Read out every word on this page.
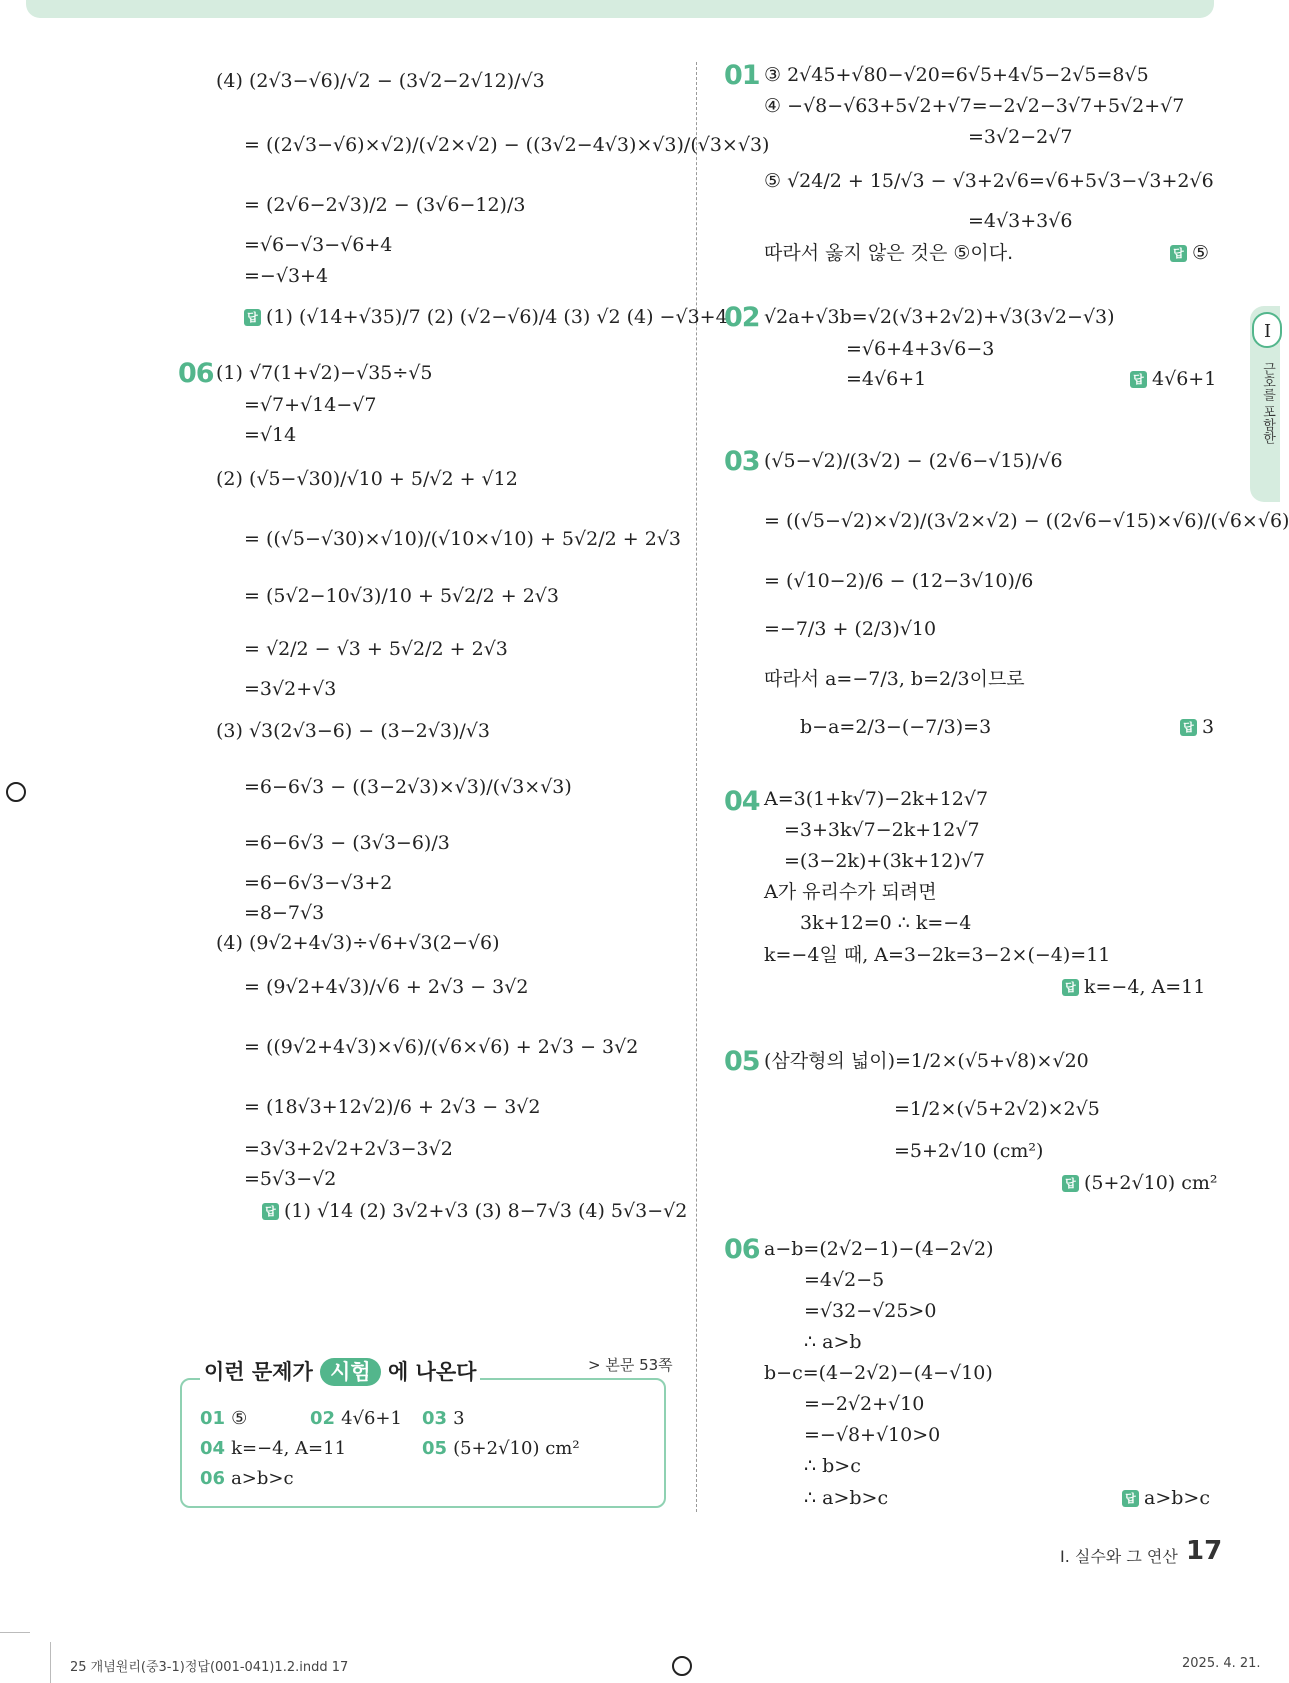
I
근호를 포함한
(4) (2√3−√6)/√2 − (3√2−2√12)/√3
= ((2√3−√6)×√2)/(√2×√2) − ((3√2−4√3)×√3)/(√3×√3)
= (2√6−2√3)/2 − (3√6−12)/3
=√6−√3−√6+4
=−√3+4
답 (1) (√14+√35)/7 (2) (√2−√6)/4 (3) √2 (4) −√3+4
06 (1) √7(1+√2)−√35÷√5
=√7+√14−√7
=√14
(2) (√5−√30)/√10 + 5/√2 + √12
= ((√5−√30)×√10)/(√10×√10) + 5√2/2 + 2√3
= (5√2−10√3)/10 + 5√2/2 + 2√3
= √2/2 − √3 + 5√2/2 + 2√3
=3√2+√3
(3) √3(2√3−6) − (3−2√3)/√3
=6−6√3 − ((3−2√3)×√3)/(√3×√3)
=6−6√3 − (3√3−6)/3
=6−6√3−√3+2
=8−7√3
(4) (9√2+4√3)÷√6+√3(2−√6)
= (9√2+4√3)/√6 + 2√3 − 3√2
= ((9√2+4√3)×√6)/(√6×√6) + 2√3 − 3√2
= (18√3+12√2)/6 + 2√3 − 3√2
=3√3+2√2+2√3−3√2
=5√3−√2
답 (1) √14 (2) 3√2+√3 (3) 8−7√3 (4) 5√3−√2
이런 문제가 시험 에 나온다	> 본문 53쪽
01 ⑤	02 4√6+1 03 3
04 k=−4, A=11	05 (5+2√10) cm²
06 a>b>c
01 ③ 2√45+√80−√20=6√5+4√5−2√5=8√5
④ −√8−√63+5√2+√7=−2√2−3√7+5√2+√7
=3√2−2√7
⑤ √24/2 + 15/√3 − √3+2√6=√6+5√3−√3+2√6
=4√3+3√6
따라서 옳지 않은 것은 ⑤이다.	답 ⑤
02 √2a+√3b=√2(√3+2√2)+√3(3√2−√3)
=√6+4+3√6−3
=4√6+1	답 4√6+1
03 (√5−√2)/(3√2) − (2√6−√15)/√6
= ((√5−√2)×√2)/(3√2×√2) − ((2√6−√15)×√6)/(√6×√6)
= (√10−2)/6 − (12−3√10)/6
=−7/3 + (2/3)√10
따라서 a=−7/3, b=2/3이므로
b−a=2/3−(−7/3)=3	답 3
04 A=3(1+k√7)−2k+12√7
=3+3k√7−2k+12√7
=(3−2k)+(3k+12)√7
A가 유리수가 되려면
3k+12=0 ∴ k=−4
k=−4일 때, A=3−2k=3−2×(−4)=11
답 k=−4, A=11
05 (삼각형의 넓이)=1/2×(√5+√8)×√20
=1/2×(√5+2√2)×2√5
=5+2√10 (cm²)
답 (5+2√10) cm²
06 a−b=(2√2−1)−(4−2√2)
=4√2−5
=√32−√25>0
∴ a>b
b−c=(4−2√2)−(4−√10)
=−2√2+√10
=−√8+√10>0
∴ b>c
∴ a>b>c	답 a>b>c
I. 실수와 그 연산 17
25 개념원리(중3-1)정답(001-041)1.2.indd 17	2025. 4. 21.
